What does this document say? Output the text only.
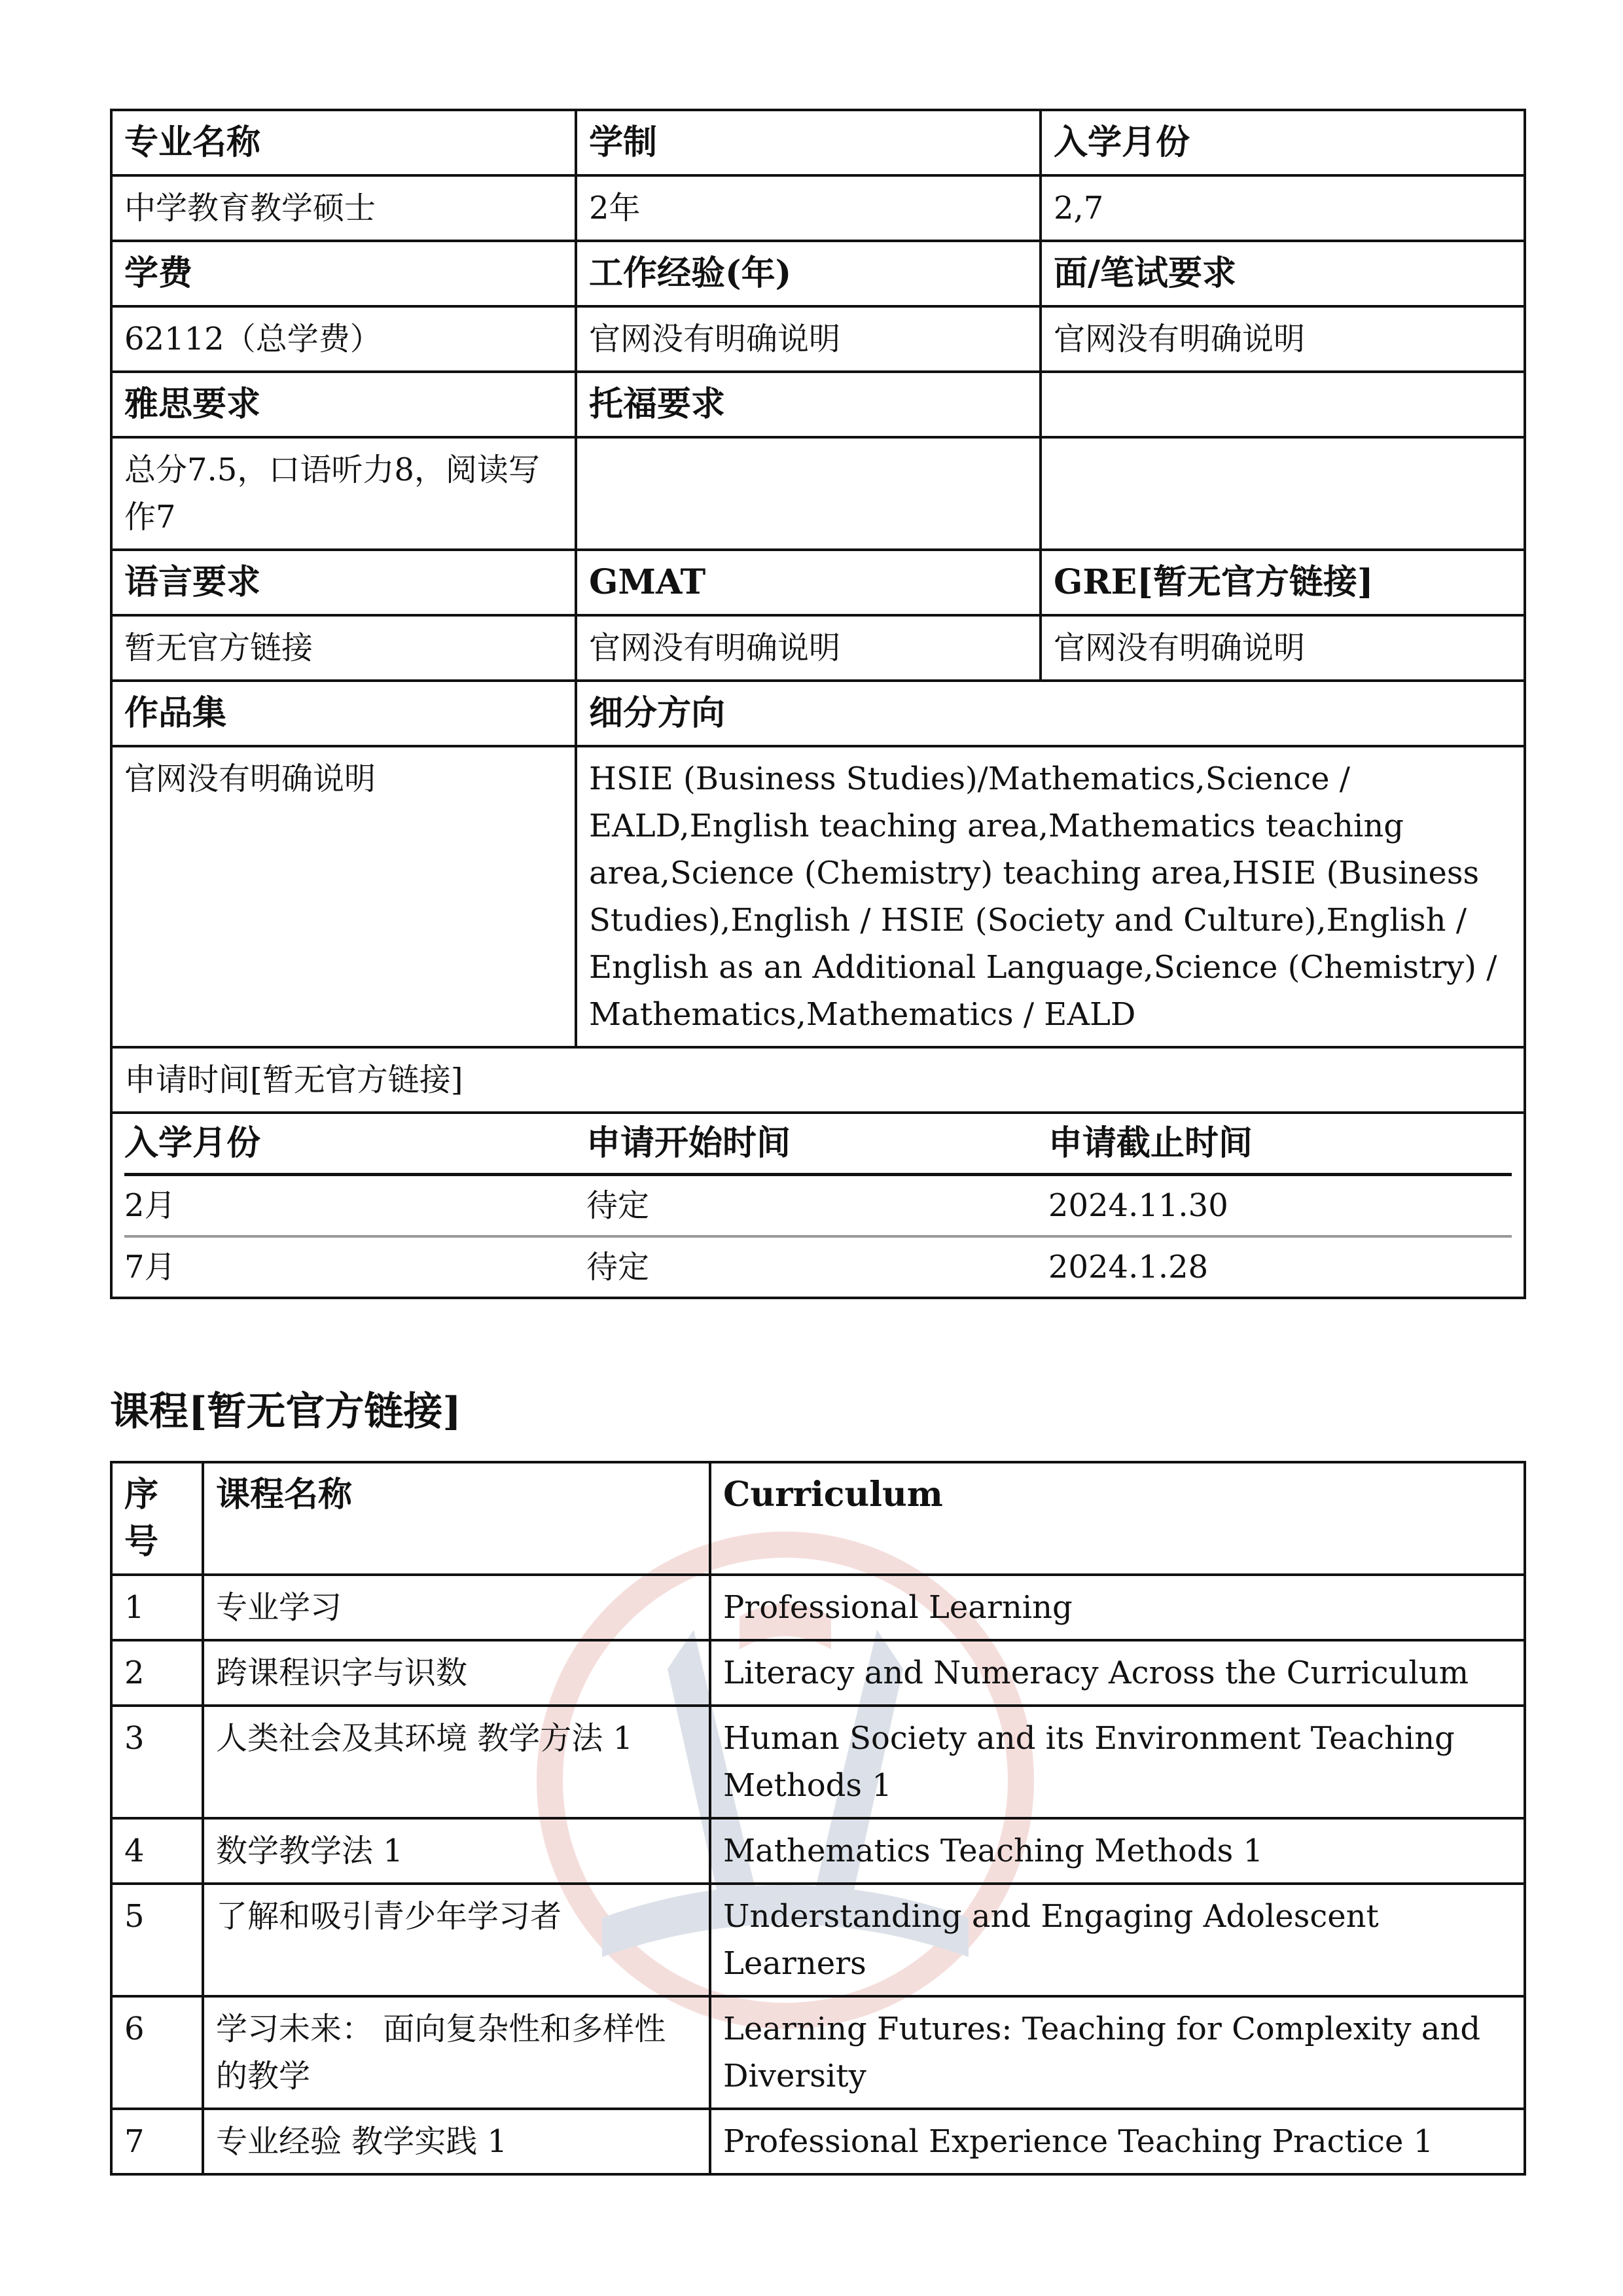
专业名称	学制	入学月份
中学教育教学硕士	2年	2,7
学费	工作经验(年)	面/笔试要求
62112（总学费）	官网没有明确说明	官网没有明确说明
雅思要求	托福要求	
总分7.5，口语听力8，阅读写作7		
语言要求	GMAT	GRE[暂无官方链接]
暂无官方链接	官网没有明确说明	官网没有明确说明
作品集	细分方向
官网没有明确说明	HSIE (Business Studies)/Mathematics,Science / EALD,English teaching area,Mathematics teaching area,Science (Chemistry) teaching area,HSIE (Business Studies),English / HSIE (Society and Culture),English / English as an Additional Language,Science (Chemistry) / Mathematics,Mathematics / EALD
申请时间[暂无官方链接]

入学月份	申请开始时间	申请截止时间
2月	待定	2024.11.30
7月	待定	2024.1.28
课程[暂无官方链接]
序号	课程名称	Curriculum
1	专业学习	Professional Learning
2	跨课程识字与识数	Literacy and Numeracy Across the Curriculum
3	人类社会及其环境 教学方法 1	Human Society and its Environment Teaching Methods 1
4	数学教学法 1	Mathematics Teaching Methods 1
5	了解和吸引青少年学习者	Understanding and Engaging Adolescent Learners
6	学习未来： 面向复杂性和多样性的教学	Learning Futures: Teaching for Complexity and Diversity
7	专业经验 教学实践 1	Professional Experience Teaching Practice 1
